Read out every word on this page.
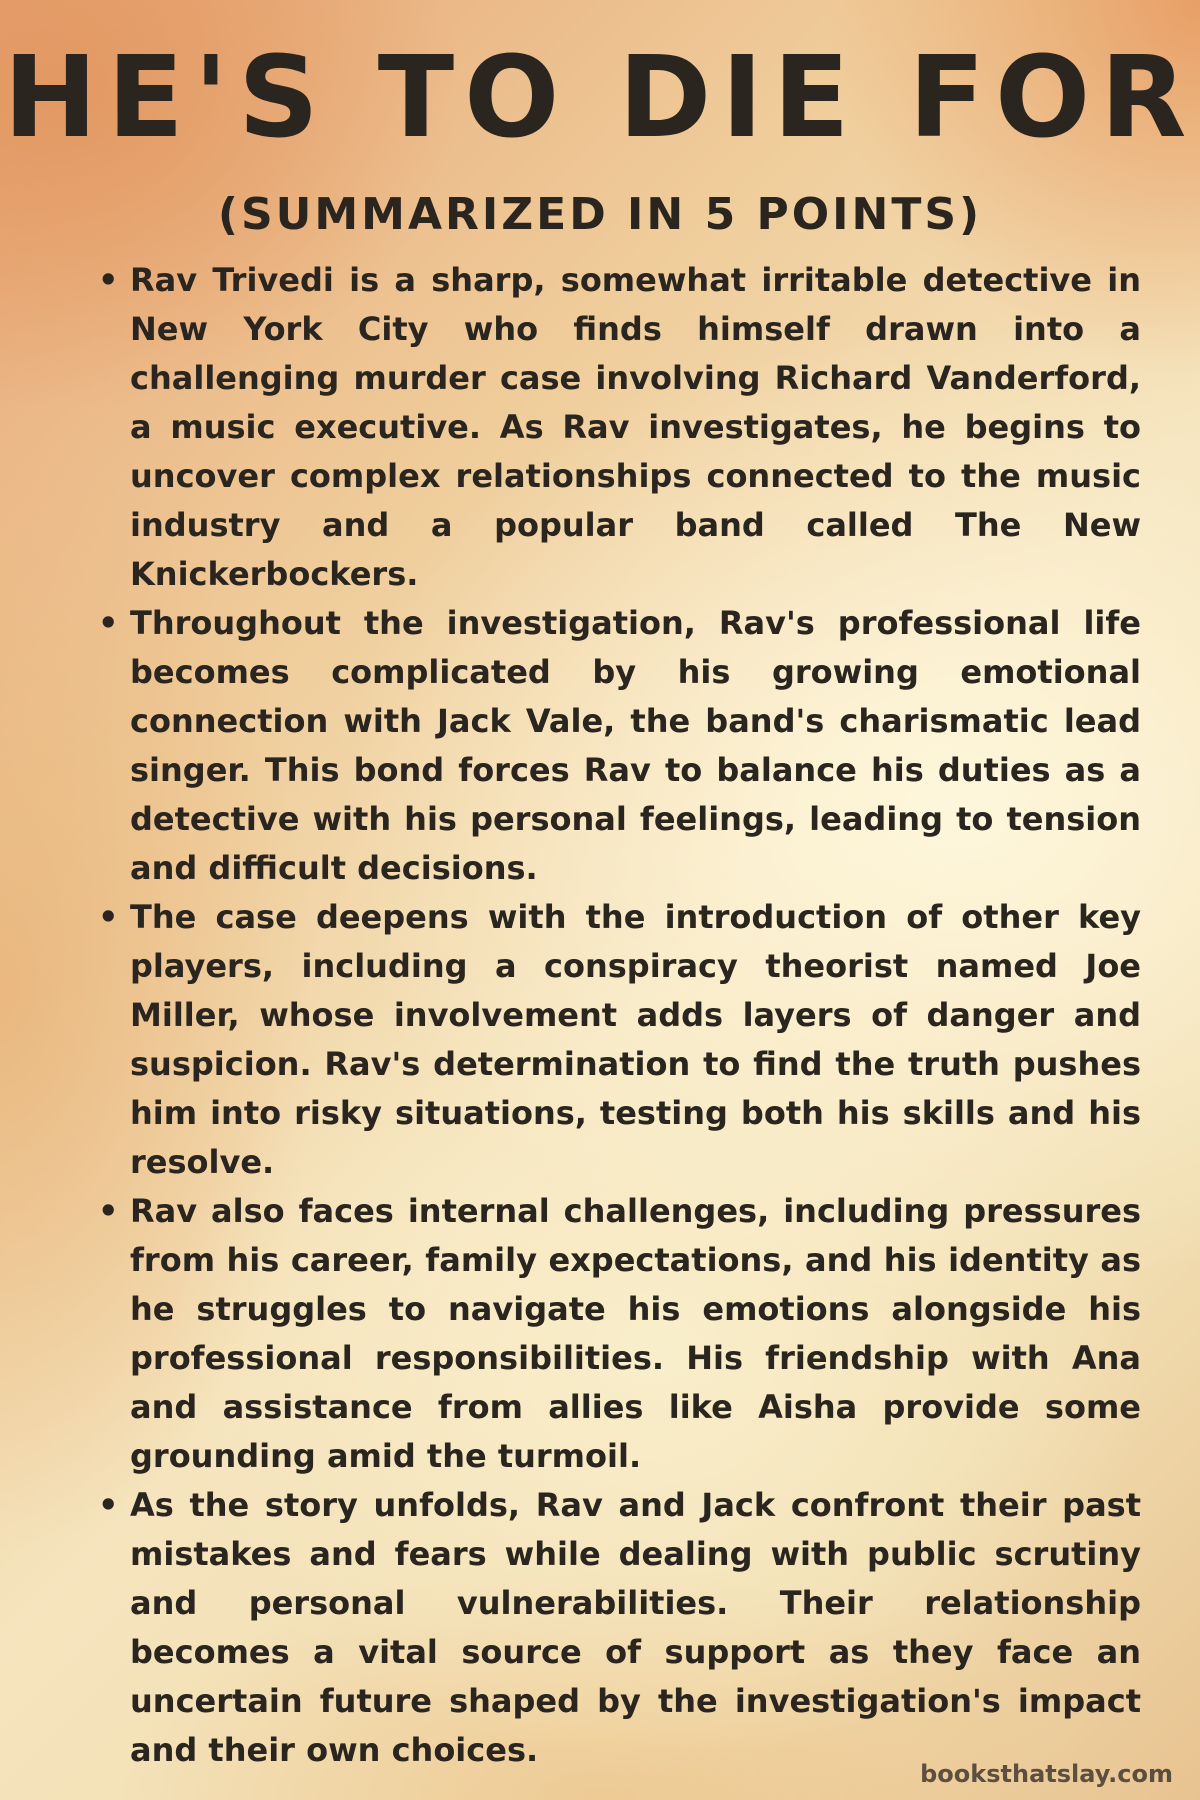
HE'S TO DIE FOR
(SUMMARIZED IN 5 POINTS)
• Rav Trivedi is a sharp, somewhat irritable detective in New York City who finds himself drawn into a challenging murder case involving Richard Vanderford, a music executive. As Rav investigates, he begins to uncover complex relationships connected to the music industry and a popular band called The New Knickerbockers.
• Throughout the investigation, Rav's professional life becomes complicated by his growing emotional connection with Jack Vale, the band's charismatic lead singer. This bond forces Rav to balance his duties as a detective with his personal feelings, leading to tension and difficult decisions.
• The case deepens with the introduction of other key players, including a conspiracy theorist named Joe Miller, whose involvement adds layers of danger and suspicion. Rav's determination to find the truth pushes him into risky situations, testing both his skills and his resolve.
• Rav also faces internal challenges, including pressures from his career, family expectations, and his identity as he struggles to navigate his emotions alongside his professional responsibilities. His friendship with Ana and assistance from allies like Aisha provide some grounding amid the turmoil.
• As the story unfolds, Rav and Jack confront their past mistakes and fears while dealing with public scrutiny and personal vulnerabilities. Their relationship becomes a vital source of support as they face an uncertain future shaped by the investigation's impact and their own choices.
booksthatslay.com
